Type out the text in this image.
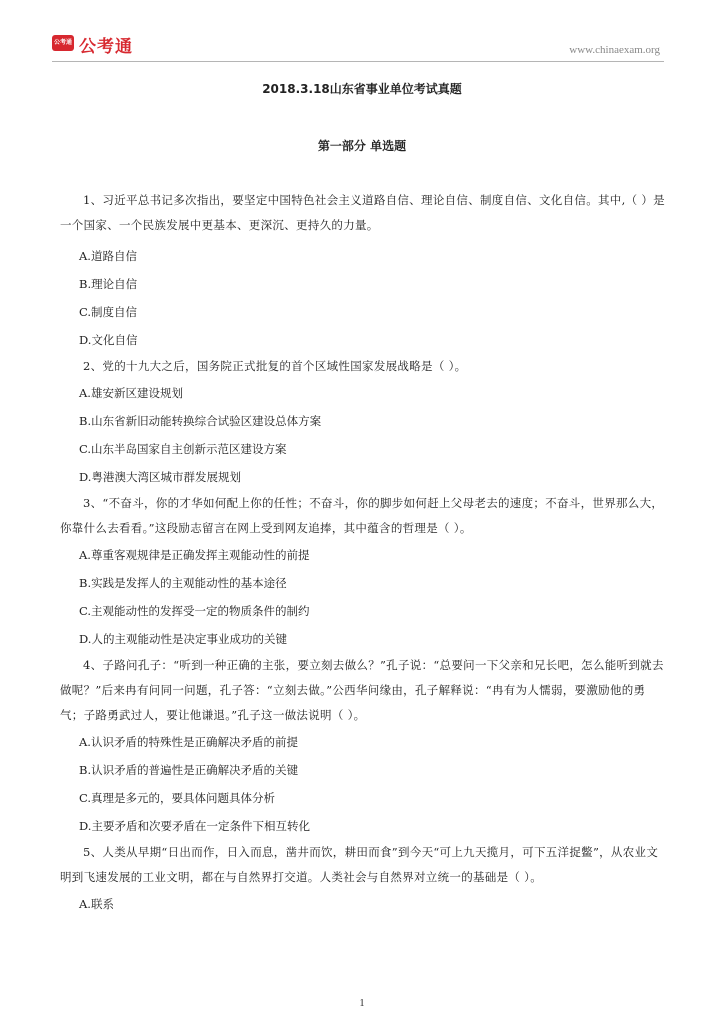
公考通 公考通	www.chinaexam.org
2018.3.18山东省事业单位考试真题
第一部分 单选题

1、习近平总书记多次指出，要坚定中国特色社会主义道路自信、理论自信、制度自信、文化自信。其中,（ ）是一个国家、一个民族发展中更基本、更深沉、更持久的力量。

A.道路自信

B.理论自信

C.制度自信

D.文化自信

2、党的十九大之后，国务院正式批复的首个区域性国家发展战略是（ ）。

A.雄安新区建设规划

B.山东省新旧动能转换综合试验区建设总体方案

C.山东半岛国家自主创新示范区建设方案

D.粤港澳大湾区城市群发展规划

3、“不奋斗，你的才华如何配上你的任性；不奋斗，你的脚步如何赶上父母老去的速度；不奋斗，世界那么大，你靠什么去看看。”这段励志留言在网上受到网友追捧，其中蕴含的哲理是（ ）。

A.尊重客观规律是正确发挥主观能动性的前提

B.实践是发挥人的主观能动性的基本途径

C.主观能动性的发挥受一定的物质条件的制约

D.人的主观能动性是决定事业成功的关键

4、子路问孔子：“听到一种正确的主张，要立刻去做么？”孔子说：“总要问一下父亲和兄长吧，怎么能听到就去做呢？”后来冉有问同一问题，孔子答：“立刻去做。”公西华问缘由，孔子解释说：“冉有为人懦弱，要激励他的勇气；子路勇武过人，要让他谦退。”孔子这一做法说明（ ）。

A.认识矛盾的特殊性是正确解决矛盾的前提

B.认识矛盾的普遍性是正确解决矛盾的关键

C.真理是多元的，要具体问题具体分析

D.主要矛盾和次要矛盾在一定条件下相互转化

5、人类从早期“日出而作，日入而息，凿井而饮，耕田而食”到今天“可上九天揽月，可下五洋捉鳖”，从农业文明到飞速发展的工业文明，都在与自然界打交道。人类社会与自然界对立统一的基础是（ ）。

A.联系

1
